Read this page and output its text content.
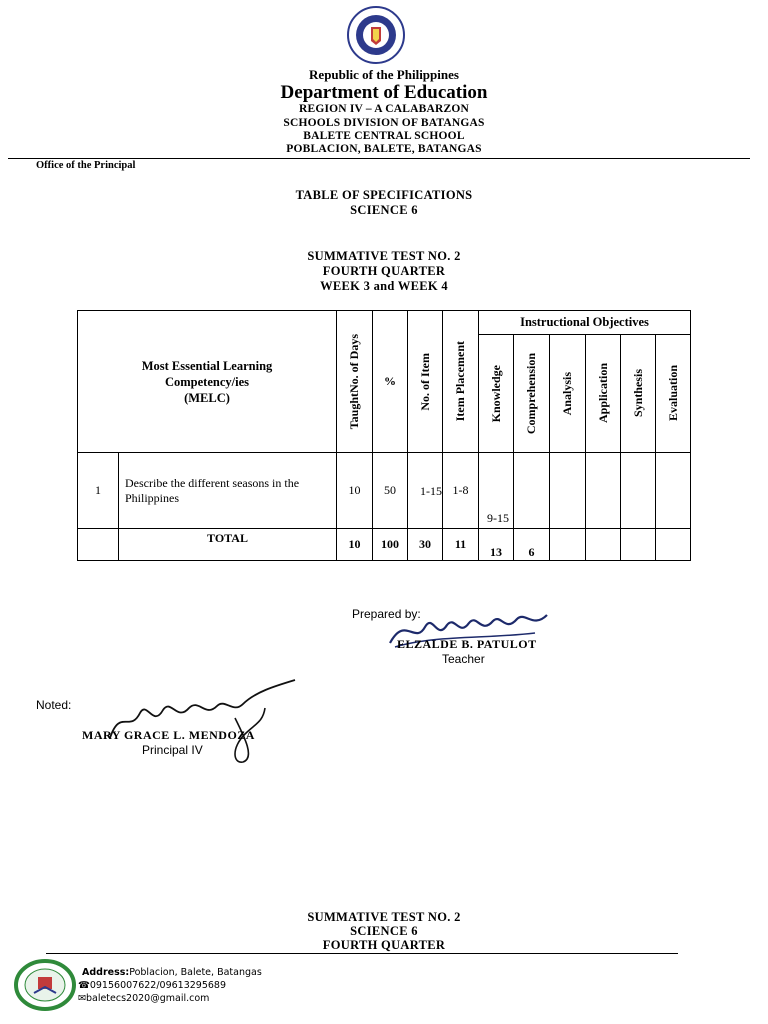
Republic of the Philippines
Department of Education
REGION IV – A CALABARZON
SCHOOLS DIVISION OF BATANGAS
BALETE CENTRAL SCHOOL
POBLACION, BALETE, BATANGAS
Office of the Principal
TABLE OF SPECIFICATIONS
SCIENCE 6
SUMMATIVE TEST NO. 2
FOURTH QUARTER
WEEK 3 and WEEK 4
Most Essential Learning
Competency/ies
(MELC)		TaughtNo. of Days	%	No. of Item	Item Placement	Instructional Objectives					

						Knowledge	Comprehension	Analysis	Application	Synthesis	Evaluation

1	Describe the different seasons in the Philippines	10	50	1-15	1-8	9-15					
	TOTAL	10	100	30	11	13	6				
Prepared by:
ELZALDE B. PATULOT
Teacher
Noted:
MARY GRACE L. MENDOZA
Principal IV
SUMMATIVE TEST NO. 2
SCIENCE 6
FOURTH QUARTER
Address:Poblacion, Balete, Batangas
☎09156007622/09613295689
✉baletecs2020@gmail.com
